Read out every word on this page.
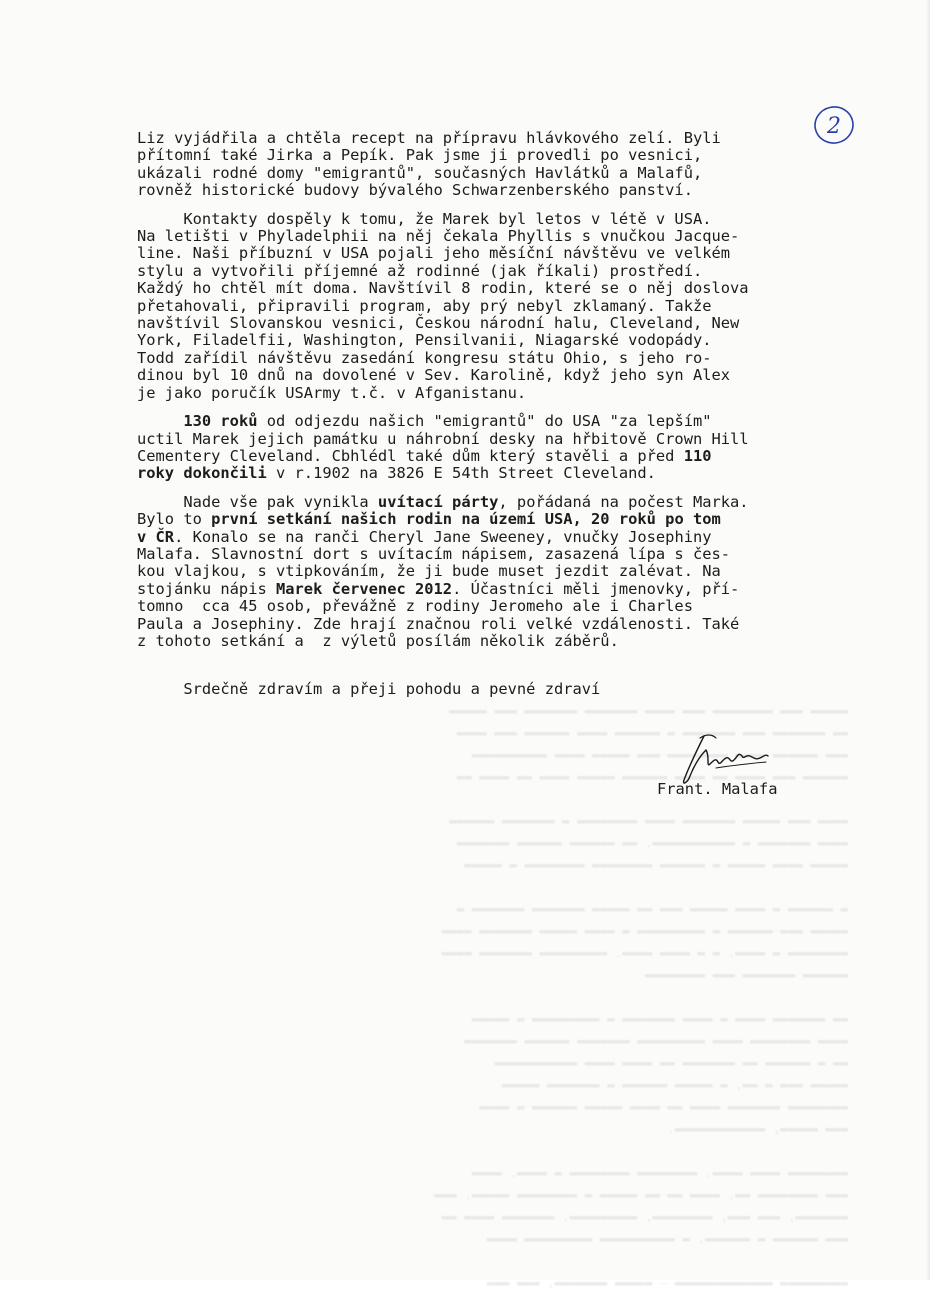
▬▬▬▬▬ ▬▬▬ ▬▬▬▬▬▬▬▬ ▬▬▬ ▬▬▬▬ ▬▬▬▬▬▬▬ ▬▬▬▬▬▬▬ ▬▬▬ ▬▬▬▬▬
▬▬ ▬▬▬▬▬▬▬ ▬▬▬ ▬▬▬▬▬▬▬ ▬ ▬▬▬▬▬▬ ▬▬▬▬ ▬▬▬▬▬▬ ▬▬▬ ▬▬▬▬
▬▬▬ ▬▬▬▬▬▬ ▬▬▬▬ ▬▬▬▬▬▬▬▬ ▬▬▬ ▬▬▬▬▬ ▬▬▬▬ ▬▬▬▬▬▬▬▬▬▬
▬▬▬▬▬▬ ▬▬▬ ▬▬▬▬ ▬▬ ▬▬▬▬ ▬▬▬▬▬▬ ▬▬▬▬▬ ▬▬▬▬ ▬▬ ▬▬▬▬ ▬▬

▬▬▬▬ ▬▬▬ ▬▬▬▬▬ ▬▬▬▬▬▬▬ ▬▬▬▬ ▬▬▬▬▬▬▬▬ ▬ ▬▬▬▬▬▬▬ ▬▬▬▬▬▬
▬▬▬▬ ▬▬▬▬▬▬▬ ▬ ▬▬▬▬▬▬▬▬▬▬▬. ▬▬ ▬▬▬▬▬▬ ▬▬▬▬▬▬ ▬▬▬▬▬▬▬
▬▬▬▬▬ ▬▬▬▬ ▬▬▬▬▬ ▬ ▬▬▬▬▬▬ ▬▬▬▬▬▬▬▬ ▬▬▬▬▬▬▬▬ ▬ ▬▬▬▬▬

▬ ▬▬▬▬▬▬ ▬ ▬▬▬▬ ▬▬▬▬▬ ▬▬▬ ▬▬ ▬▬▬▬▬ ▬▬▬▬▬▬▬ ▬▬▬▬▬▬▬ ▬
▬▬▬▬▬ ▬▬▬ ▬▬▬▬▬▬ ▬ ▬▬▬▬▬▬▬▬▬ ▬ ▬▬▬▬ ▬▬▬▬▬ ▬▬▬▬▬▬▬ ▬▬▬▬
▬▬▬▬▬▬▬▬ ▬ ▬▬▬▬. ▬ ▬ ▬▬▬▬ ▬▬▬▬. ▬▬▬▬▬▬▬▬▬ ▬▬▬▬▬▬▬ ▬▬▬▬
▬▬▬▬▬▬ ▬▬▬▬▬▬▬ ▬▬▬ ▬▬▬▬▬▬▬▬

▬▬ ▬▬▬▬▬▬▬ ▬▬▬▬ ▬ ▬▬▬▬ ▬▬▬▬▬▬▬ ▬ ▬▬▬▬▬▬▬▬▬ ▬ ▬▬▬▬▬
▬▬▬▬ ▬▬▬▬▬▬▬▬ ▬▬▬▬ ▬▬▬▬▬▬▬▬▬ ▬▬▬▬▬▬▬ ▬▬▬▬▬▬ ▬▬▬▬▬▬▬
▬▬ ▬ ▬▬▬▬▬▬ ▬▬ ▬▬▬▬▬▬▬ ▬▬ ▬▬▬▬ ▬▬▬▬ ▬▬▬▬▬▬▬▬▬▬▬
▬▬▬▬▬ ▬▬▬ ▬ ▬▬, ▬ ▬▬▬▬▬ ▬▬▬▬▬▬ ▬ ▬▬▬▬▬▬▬ ▬▬▬▬▬
▬▬▬▬▬▬▬▬ ▬▬▬▬▬▬▬ ▬▬▬▬ ▬▬ ▬▬▬▬ ▬▬▬▬▬ ▬▬▬▬▬▬ ▬ ▬▬▬▬
▬▬▬ ▬▬▬▬▬, ▬▬▬▬▬▬▬▬▬▬▬▬.

▬▬▬▬▬▬▬▬ ▬▬▬▬ ▬▬▬▬. ▬▬▬▬▬▬▬▬ ▬▬▬▬▬▬▬▬ ▬ ▬▬▬▬. ▬▬▬▬
▬▬▬ ▬▬▬▬▬▬▬▬ ▬▬. ▬▬▬▬ ▬▬ ▬▬ ▬▬▬▬▬ ▬ ▬▬▬▬▬▬▬▬ ▬▬▬▬▬. ▬▬▬
▬▬▬▬▬▬▬, ▬▬▬ ▬▬▬, ▬▬▬▬▬▬▬▬, ▬▬▬▬▬▬▬▬▬. ▬▬▬▬▬▬▬ ▬▬▬▬ ▬▬
▬▬▬ ▬▬▬▬▬▬ ▬ ▬▬▬▬▬▬. ▬ ▬▬▬▬▬▬▬▬▬▬ ▬▬▬▬▬▬▬▬▬ ▬▬▬▬

▬▬▬▬▬▬▬▬▬ ▬▬▬▬▬▬▬▬▬▬▬▬▬ — ▬▬▬▬▬ ▬▬▬▬▬▬▬, ▬▬▬ ▬▬▬
2
Liz vyjádřila a chtěla recept na přípravu hlávkového zelí. Byli
přítomní také Jirka a Pepík. Pak jsme ji provedli po vesnici,
ukázali rodné domy "emigrantů", současných Havlátků a Malafů,
rovněž historické budovy bývalého Schwarzenberského panství.
Kontakty dospěly k tomu, že Marek byl letos v létě v USA.
Na letišti v Phyladelphii na něj čekala Phyllis s vnučkou Jacque-
line. Naši příbuzní v USA pojali jeho měsíční návštěvu ve velkém
stylu a vytvořili příjemné až rodinné (jak říkali) prostředí.
Každý ho chtěl mít doma. Navštívil 8 rodin, které se o něj doslova
přetahovali, připravili program, aby prý nebyl zklamaný. Takže
navštívil Slovanskou vesnici, Českou národní halu, Cleveland, New
York, Filadelfii, Washington, Pensilvanii, Niagarské vodopády.
Todd zařídil návštěvu zasedání kongresu státu Ohio, s jeho ro-
dinou byl 10 dnů na dovolené v Sev. Karolině, když jeho syn Alex
je jako poručík USArmy t.č. v Afganistanu.
130 roků od odjezdu našich "emigrantů" do USA "za lepším"
uctil Marek jejich památku u náhrobní desky na hřbitově Crown Hill
Cementery Cleveland. Cbhlédl také dům který stavěli a před 110
roky dokončili v r.1902 na 3826 E 54th Street Cleveland.
Nade vše pak vynikla uvítací párty, pořádaná na počest Marka.
Bylo to první setkání našich rodin na území USA, 20 roků po tom
v ČR. Konalo se na ranči Cheryl Jane Sweeney, vnučky Josephiny
Malafa. Slavnostní dort s uvítacím nápisem, zasazená lípa s čes-
kou vlajkou, s vtipkováním, že ji bude muset jezdit zalévat. Na
stojánku nápis Marek červenec 2012. Účastníci měli jmenovky, pří-
tomno  cca 45 osob, převážně z rodiny Jeromeho ale i Charles
Paula a Josephiny. Zde hrají značnou roli velké vzdálenosti. Také
z tohoto setkání a  z výletů posílám několik záběrů.
Srdečně zdravím a přeji pohodu a pevné zdraví
Frant. Malafa
